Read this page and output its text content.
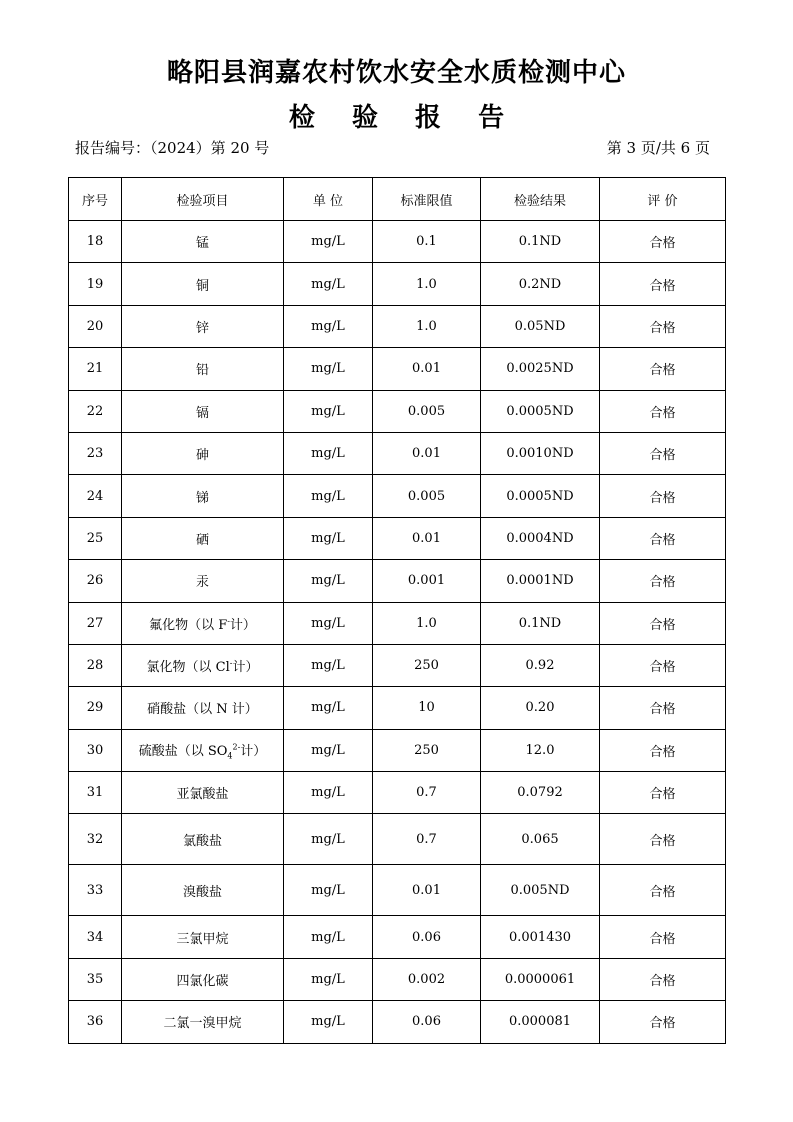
略阳县润嘉农村饮水安全水质检测中心
检 验 报 告
报告编号：（2024）第 20 号	第 3 页/共 6 页
序号	检验项目	单 位	标准限值	检验结果	评 价
18	锰	mg/L	0.1	0.1ND	合格
19	铜	mg/L	1.0	0.2ND	合格
20	锌	mg/L	1.0	0.05ND	合格
21	铅	mg/L	0.01	0.0025ND	合格
22	镉	mg/L	0.005	0.0005ND	合格
23	砷	mg/L	0.01	0.0010ND	合格
24	锑	mg/L	0.005	0.0005ND	合格
25	硒	mg/L	0.01	0.0004ND	合格
26	汞	mg/L	0.001	0.0001ND	合格
27	氟化物（以 F-计）	mg/L	1.0	0.1ND	合格
28	氯化物（以 Cl-计）	mg/L	250	0.92	合格
29	硝酸盐（以 N 计）	mg/L	10	0.20	合格
30	硫酸盐（以 $SO_4^{2-}$计）	mg/L	250	12.0	合格
31	亚氯酸盐	mg/L	0.7	0.0792	合格
32	氯酸盐	mg/L	0.7	0.065	合格
33	溴酸盐	mg/L	0.01	0.005ND	合格
34	三氯甲烷	mg/L	0.06	0.001430	合格
35	四氯化碳	mg/L	0.002	0.0000061	合格
36	二氯一溴甲烷	mg/L	0.06	0.000081	合格
